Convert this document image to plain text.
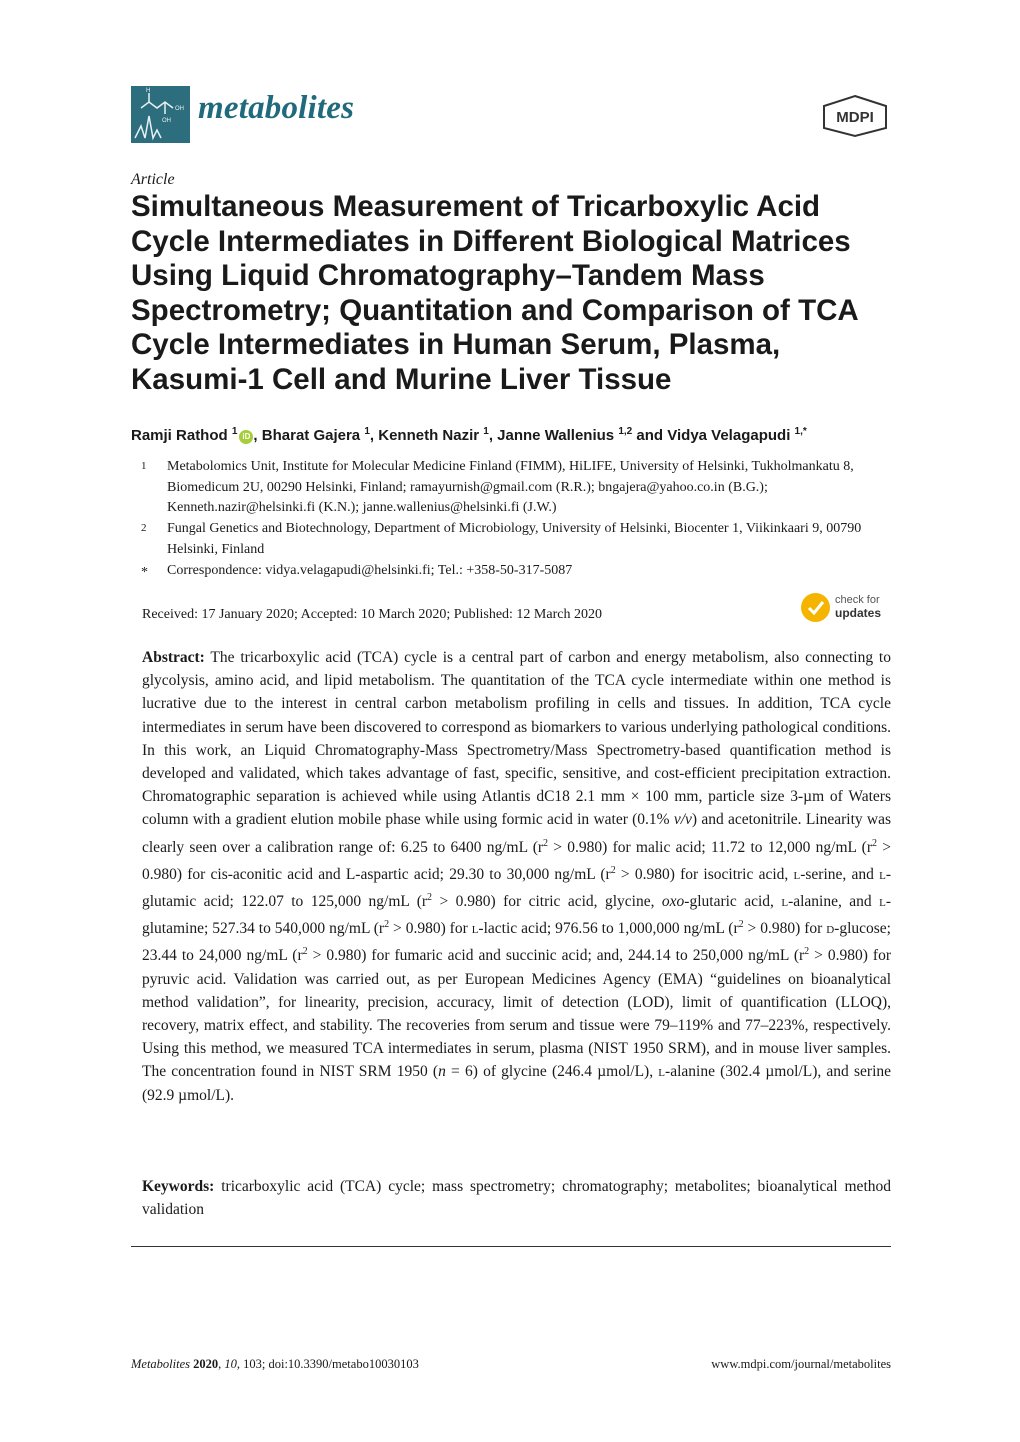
H
OH
OH metabolites	MDPI
Article
Simultaneous Measurement of Tricarboxylic Acid Cycle Intermediates in Different Biological Matrices Using Liquid Chromatography–Tandem Mass Spectrometry; Quantitation and Comparison of TCA Cycle Intermediates in Human Serum, Plasma, Kasumi-1 Cell and Murine Liver Tissue
Ramji Rathod $^1$ iD , Bharat Gajera $^1$, Kenneth Nazir $^1$, Janne Wallenius $^{1,2}$ and Vidya Velagapudi $^{1,*}$
1 Metabolomics Unit, Institute for Molecular Medicine Finland (FIMM), HiLIFE, University of Helsinki, Tukholmankatu 8, Biomedicum 2U, 00290 Helsinki, Finland; ramayurnish@gmail.com (R.R.); bngajera@yahoo.co.in (B.G.); Kenneth.nazir@helsinki.fi (K.N.); janne.wallenius@helsinki.fi (J.W.)
2 Fungal Genetics and Biotechnology, Department of Microbiology, University of Helsinki, Biocenter 1, Viikinkaari 9, 00790 Helsinki, Finland
* Correspondence: vidya.velagapudi@helsinki.fi; Tel.: +358-50-317-5087
Received: 17 January 2020; Accepted: 10 March 2020; Published: 12 March 2020
check for
updates
Abstract: The tricarboxylic acid (TCA) cycle is a central part of carbon and energy metabolism, also connecting to glycolysis, amino acid, and lipid metabolism. The quantitation of the TCA cycle intermediate within one method is lucrative due to the interest in central carbon metabolism profiling in cells and tissues. In addition, TCA cycle intermediates in serum have been discovered to correspond as biomarkers to various underlying pathological conditions. In this work, an Liquid Chromatography-Mass Spectrometry/Mass Spectrometry-based quantification method is developed and validated, which takes advantage of fast, specific, sensitive, and cost-efficient precipitation extraction. Chromatographic separation is achieved while using Atlantis dC18 2.1 mm × 100 mm, particle size 3-µm of Waters column with a gradient elution mobile phase while using formic acid in water (0.1% v/v) and acetonitrile. Linearity was clearly seen over a calibration range of: 6.25 to 6400 ng/mL $(r^2 > 0.980)$ for malic acid; 11.72 to 12,000 ng/mL $(r^2 > 0.980)$ for cis-aconitic acid and L-aspartic acid; 29.30 to 30,000 ng/mL $(r^2 > 0.980)$ for isocitric acid, l-serine, and l-glutamic acid; 122.07 to 125,000 ng/mL $(r^2 > 0.980)$ for citric acid, glycine, oxo-glutaric acid, l-alanine, and l-glutamine; 527.34 to 540,000 ng/mL $(r^2 > 0.980)$ for l-lactic acid; 976.56 to 1,000,000 ng/mL $(r^2 > 0.980)$ for d-glucose; 23.44 to 24,000 ng/mL $(r^2 > 0.980)$ for fumaric acid and succinic acid; and, 244.14 to 250,000 ng/mL $(r^2 > 0.980)$ for pyruvic acid. Validation was carried out, as per European Medicines Agency (EMA) “guidelines on bioanalytical method validation”, for linearity, precision, accuracy, limit of detection (LOD), limit of quantification (LLOQ), recovery, matrix effect, and stability. The recoveries from serum and tissue were 79–119% and 77–223%, respectively. Using this method, we measured TCA intermediates in serum, plasma (NIST 1950 SRM), and in mouse liver samples. The concentration found in NIST SRM 1950 (n = 6) of glycine (246.4 µmol/L), l-alanine (302.4 µmol/L), and serine (92.9 µmol/L).
Keywords: tricarboxylic acid (TCA) cycle; mass spectrometry; chromatography; metabolites; bioanalytical method validation
Metabolites 2020, 10, 103; doi:10.3390/metabo10030103	www.mdpi.com/journal/metabolites
